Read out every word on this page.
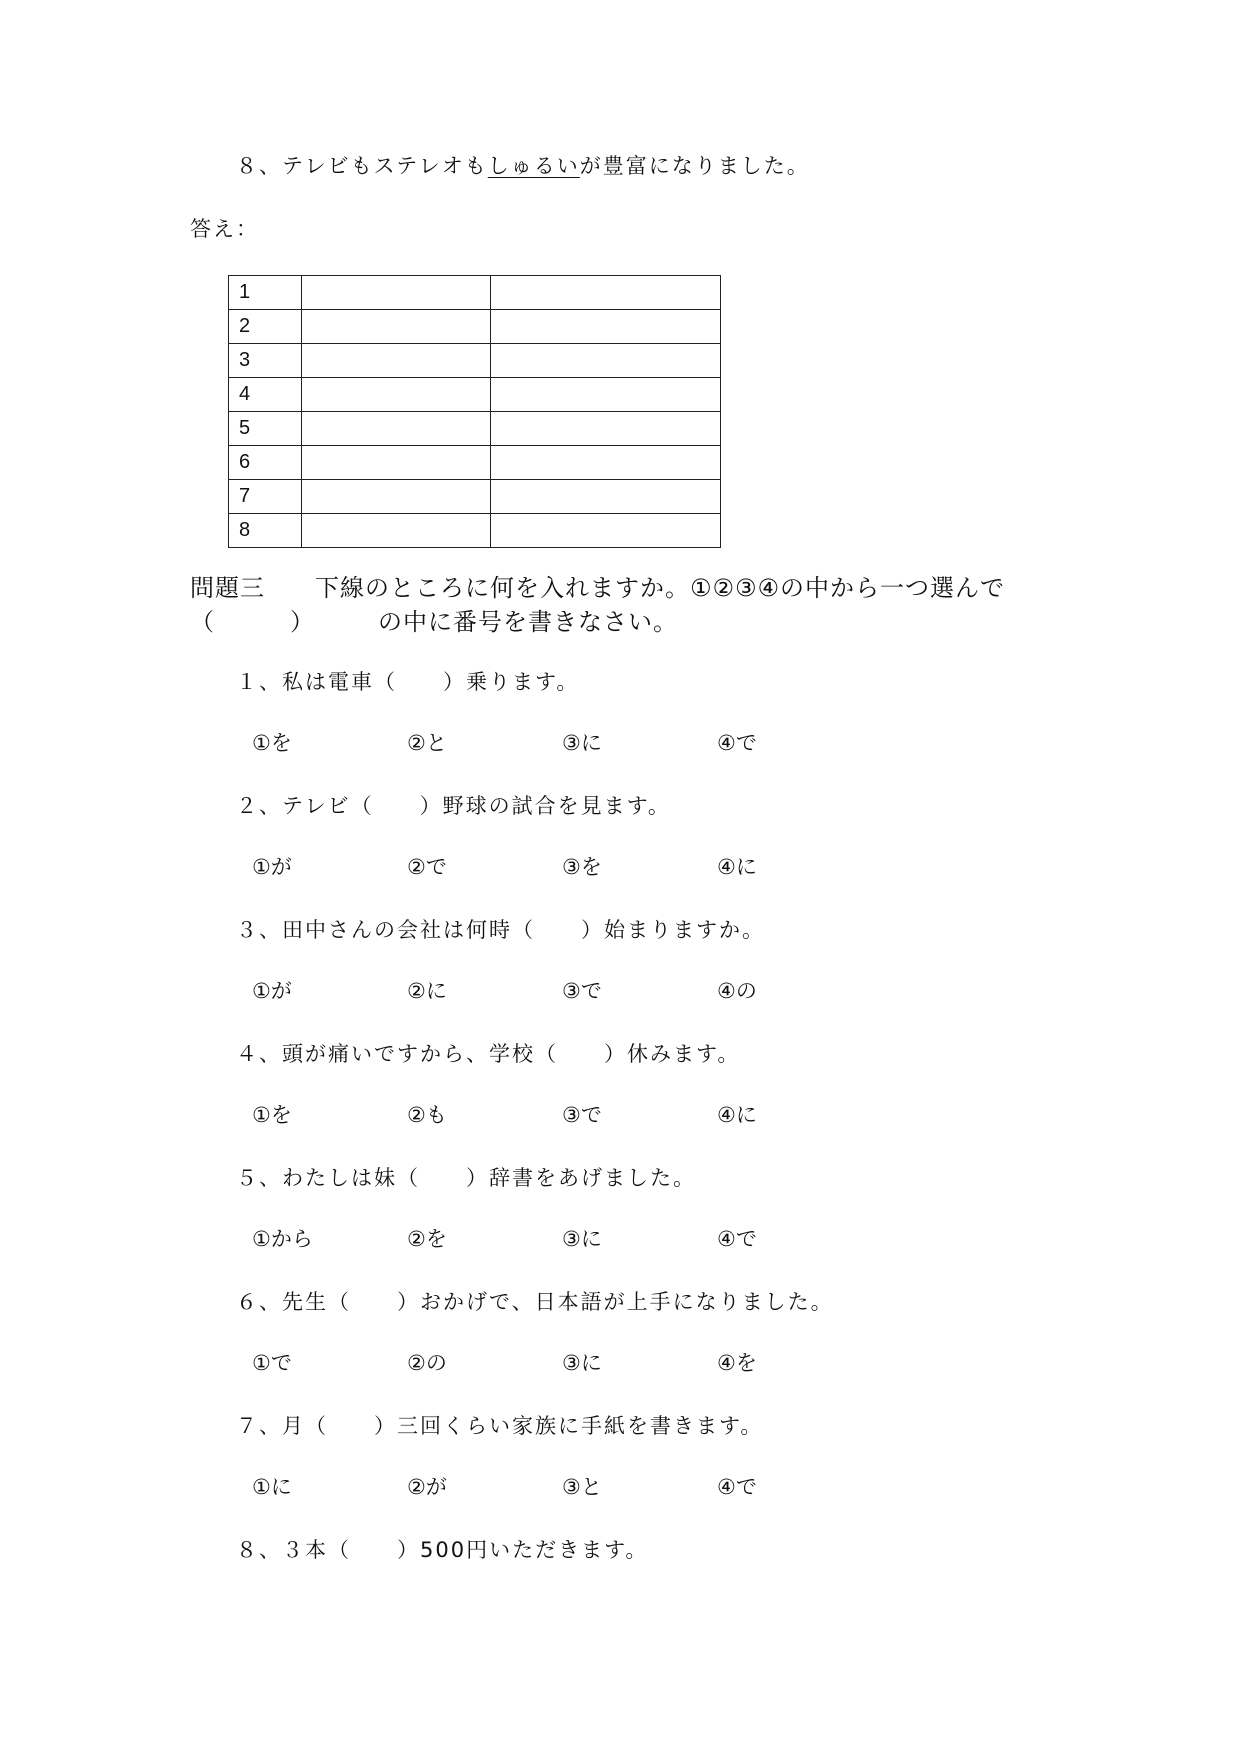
８、テレビもステレオもしゅるいが豊富になりました。
答え：
1		
2		
3		
4		
5		
6		
7		
8		
問題三　　下線のところに何を入れますか。①②③④の中から一つ選んで
（　　　）　　　の中に番号を書きなさい。
１、私は電車（　　）乗ります。
①を	②と	③に	④で
２、テレビ（　　）野球の試合を見ます。
①が	②で	③を	④に
３、田中さんの会社は何時（　　）始まりますか。
①が	②に	③で	④の
４、頭が痛いですから、学校（　　）休みます。
①を	②も	③で	④に
５、わたしは妹（　　）辞書をあげました。
①から	②を	③に	④で
６、先生（　　）おかげで、日本語が上手になりました。
①で	②の	③に	④を
７、月（　　）三回くらい家族に手紙を書きます。
①に	②が	③と	④で
８、３本（　　）500円いただきます。
